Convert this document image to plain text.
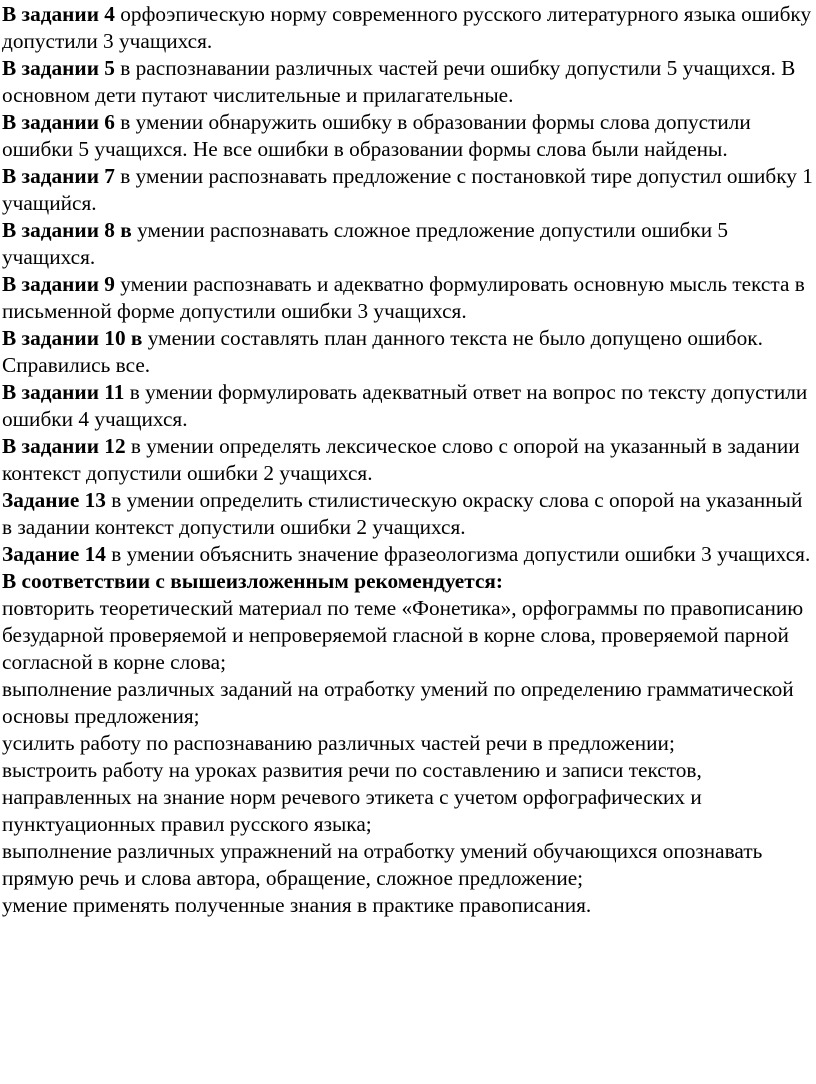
В задании 4 орфоэпическую норму современного русского литературного языка ошибку допустили 3 учащихся.

В задании 5 в распознавании различных частей речи ошибку допустили 5 учащихся. В основном дети путают числительные и прилагательные.

В задании 6 в умении обнаружить ошибку в образовании формы слова допустили ошибки 5 учащихся. Не все ошибки в образовании формы слова были найдены.

В задании 7 в умении распознавать предложение с постановкой тире допустил ошибку 1 учащийся.

В задании 8 в умении распознавать сложное предложение допустили ошибки 5 учащихся.

В задании 9 умении распознавать и адекватно формулировать основную мысль текста в письменной форме допустили ошибки 3 учащихся.

В задании 10 в умении составлять план данного текста не было допущено ошибок. Справились все.

В задании 11 в умении формулировать адекватный ответ на вопрос по тексту допустили ошибки 4 учащихся.

В задании 12 в умении определять лексическое слово с опорой на указанный в задании контекст допустили ошибки 2 учащихся.

Задание 13 в умении определить стилистическую окраску слова с опорой на указанный в задании контекст допустили ошибки 2 учащихся.

Задание 14 в умении объяснить значение фразеологизма допустили ошибки 3 учащихся.

В соответствии с вышеизложенным рекомендуется:

повторить теоретический материал по теме «Фонетика», орфограммы по правописанию безударной проверяемой и непроверяемой гласной в корне слова, проверяемой парной согласной в корне слова;

выполнение различных заданий на отработку умений по определению грамматической основы предложения;

усилить работу по распознаванию различных частей речи в предложении;

выстроить работу на уроках развития речи по составлению и записи текстов, направленных на знание норм речевого этикета с учетом орфографических и пунктуационных правил русского языка;

выполнение различных упражнений на отработку умений обучающихся опознавать прямую речь и слова автора, обращение, сложное предложение;

умение применять полученные знания в практике правописания.
